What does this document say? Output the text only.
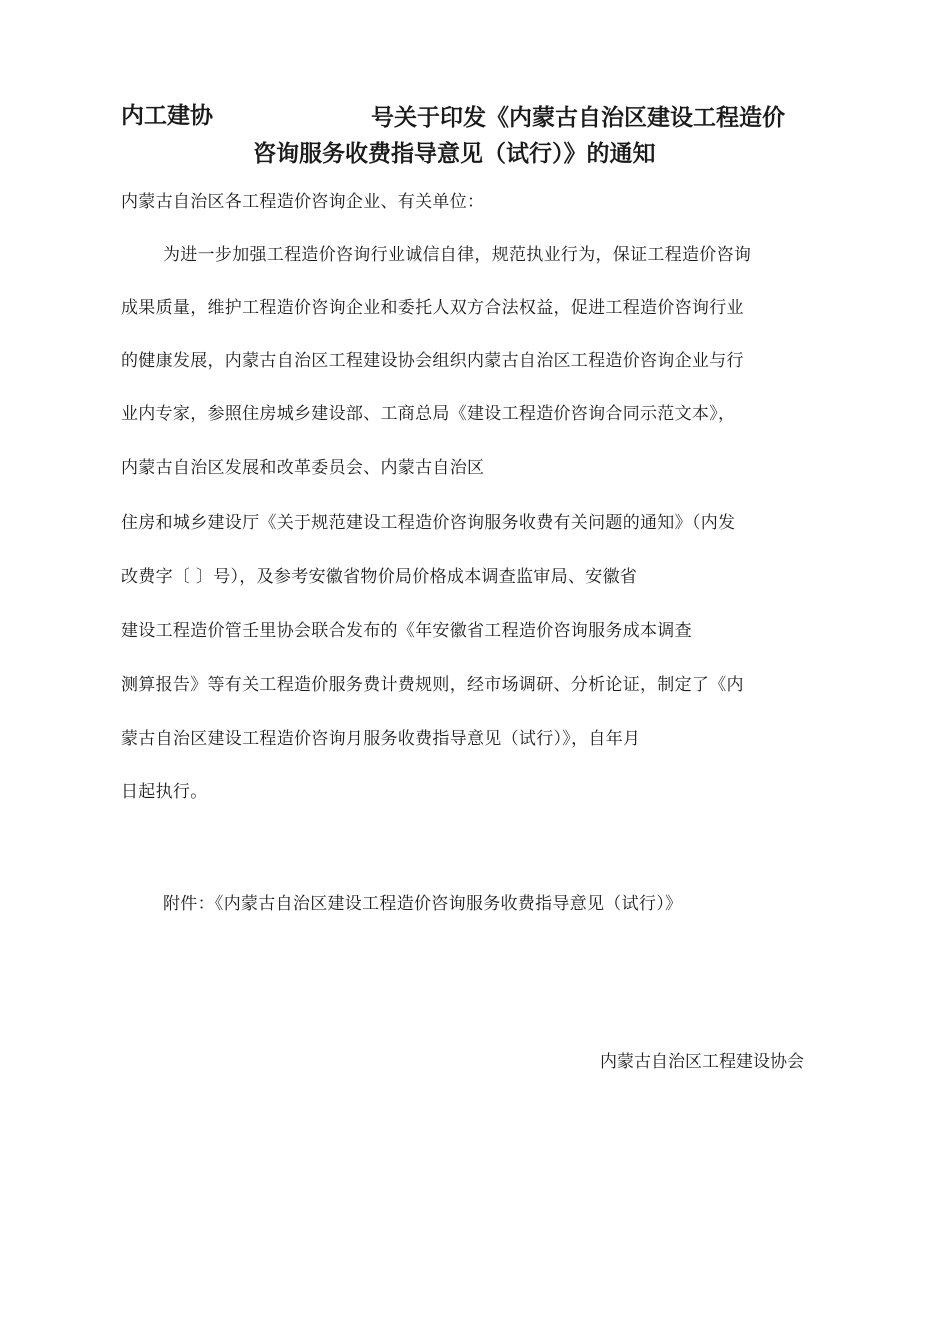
内工建协	号关于印发《内蒙古自治区建设工程造价
咨询服务收费指导意见（试行）》的通知
内蒙古自治区各工程造价咨询企业、有关单位：
为进一步加强工程造价咨询行业诚信自律，规范执业行为，保证工程造价咨询
成果质量，维护工程造价咨询企业和委托人双方合法权益，促进工程造价咨询行业
的健康发展，内蒙古自治区工程建设协会组织内蒙古自治区工程造价咨询企业与行
业内专家，参照住房城乡建设部、工商总局《建设工程造价咨询合同示范文本》，
内蒙古自治区发展和改革委员会、内蒙古自治区
住房和城乡建设厅《关于规范建设工程造价咨询服务收费有关问题的通知》（内发
改费字〔 〕号），及参考安徽省物价局价格成本调查监审局、安徽省
建设工程造价管壬里协会联合发布的《年安徽省工程造价咨询服务成本调查
测算报告》等有关工程造价服务费计费规则，经市场调研、分析论证，制定了《内
蒙古自治区建设工程造价咨询月服务收费指导意见（试行）》，自年月
日起执行。
附件：《内蒙古自治区建设工程造价咨询服务收费指导意见（试行）》
内蒙古自治区工程建设协会
